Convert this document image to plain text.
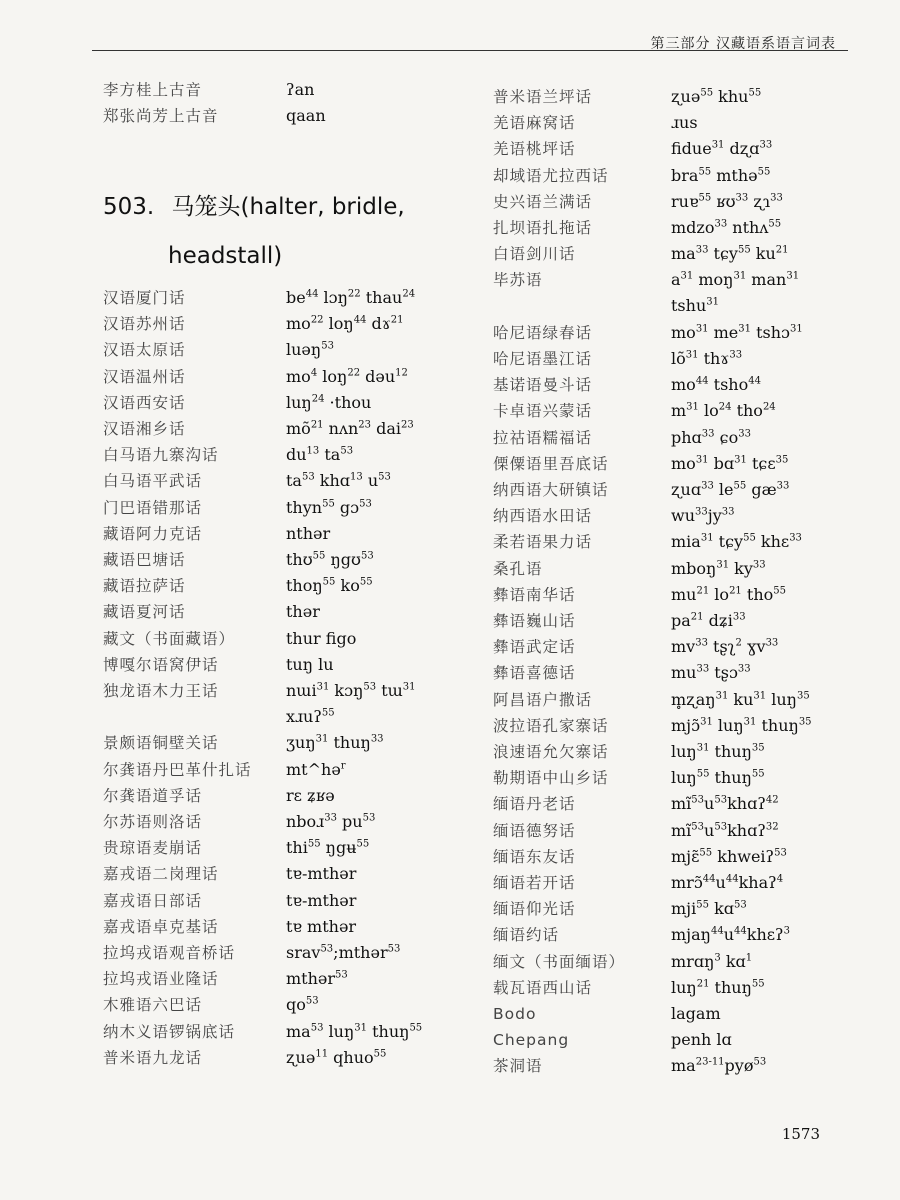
第三部分 汉藏语系语言词表
李方桂上古音	ʔan
郑张尚芳上古音	qaan
汉语厦门话	$be^{44}$ lɔŋ$^{22}$ thau$^{24}$
汉语苏州话	$mo^{22}$ loŋ$^{44}$ dɤ$^{21}$
汉语太原话	luəŋ$^{53}$
汉语温州话	$mo^4$ loŋ$^{22}$ dəu$^{12}$
汉语西安话	luŋ$^{24}$ ·thou
汉语湘乡话	$mõ^{21}$ nʌn$^{23}$ dai$^{23}$
白马语九寨沟话	$du^{13}$ $ta^{53}$
白马语平武话	$ta^{53}$ khɑ$^{13}$ $u^{53}$
门巴语错那话	thyn$^{55}$ gɔ$^{53}$
藏语阿力克话	nthər
藏语巴塘话	thʊ$^{55}$ ŋgʊ$^{53}$
藏语拉萨话	thoŋ$^{55}$ $ko^{55}$
藏语夏河话	thər
藏文（书面藏语）	thur figo
博嘎尔语窝伊话	tuŋ lu
独龙语木力王话	nɯi$^{31}$ kɔŋ$^{53}$ tɯ$^{31}$
xɹuʔ$^{55}$
景颇语铜壁关话	ʒuŋ$^{31}$ thuŋ$^{33}$
尔龚语丹巴革什扎话 mt^hə$^r$
尔龚语道孚话	rɛ ʑʁə
尔苏语则洛话	nboɹ$^{33}$ $pu^{53}$
贵琼语麦崩话	thi$^{55}$ ŋgʉ$^{55}$
嘉戎语二岗理话	tɐ-mthər
嘉戎语日部话	tɐ-mthər
嘉戎语卓克基话	tɐ mthər
拉坞戎语观音桥话	srav$^{53}$;mthər$^{53}$
拉坞戎语业隆话	mthər$^{53}$
木雅语六巴话	$qo^{53}$
纳木义语锣锅底话	$ma^{53}$ luŋ$^{31}$ thuŋ$^{55}$
普米语九龙话	ʐuə$^{11}$ qhuo$^{55}$
普米语兰坪话	ʐuə$^{55}$ khu$^{55}$
羌语麻窝话	ɹus
羌语桃坪话	fidue$^{31}$ dʐɑ$^{33}$
却域语尤拉西话	bra$^{55}$ mthə$^{55}$
史兴语兰满话	ruɐ$^{55}$ ʁʊ$^{33}$ ʐɿ$^{33}$
扎坝语扎拖话	mdzo$^{33}$ nthʌ$^{55}$
白语剑川话	$ma^{33}$ tɕy$^{55}$ $ku^{21}$
毕苏语	$a^{31}$ moŋ$^{31}$ man$^{31}$
tshu$^{31}$
哈尼语绿春话	$mo^{31}$ $me^{31}$ tshɔ$^{31}$
哈尼语墨江话	$lõ^{31}$ thɤ$^{33}$
基诺语曼斗话	$mo^{44}$ tsho$^{44}$
卡卓语兴蒙话	$m^{31}$ $lo^{24}$ tho$^{24}$
拉祜语糯福话	phɑ$^{33}$ ɕo$^{33}$
傈僳语里吾底话	$mo^{31}$ bɑ$^{31}$ tɕɛ$^{35}$
纳西语大研镇话	ʐuɑ$^{33}$ $le^{55}$ $gæ^{33}$
纳西语水田话	$wu^{33}jy^{33}$
柔若语果力话	mia$^{31}$ tɕy$^{55}$ khɛ$^{33}$
桑孔语	mboŋ$^{31}$ $ky^{33}$
彝语南华话	$mu^{21}$ $lo^{21}$ tho$^{55}$
彝语巍山话	$pa^{21}$ dʑi$^{33}$
彝语武定话	$mv^{33}$ tʂʅ$^2$ ɣv$^{33}$
彝语喜德话	$mu^{33}$ tʂɔ$^{33}$
阿昌语户撒话	m̥ʐaŋ$^{31}$ $ku^{31}$ luŋ$^{35}$
波拉语孔家寨话	mjɔ̃$^{31}$ luŋ$^{31}$ thuŋ$^{35}$
浪速语允欠寨话	luŋ$^{31}$ thuŋ$^{35}$
勒期语中山乡话	luŋ$^{55}$ thuŋ$^{55}$
缅语丹老话	$mĩ^{53}u^{53}khɑʔ^{42}$
缅语德努话	$mĩ^{53}u^{53}khɑʔ^{32}$
缅语东友话	mjɛ̃$^{55}$ khweiʔ$^{53}$
缅语若开话	$mrɔ̃^{44}u^{44}khaʔ^4$
缅语仰光话	mji$^{55}$ kɑ$^{53}$
缅语约话	$mjaŋ^{44}u^{44}khɛʔ^3$
缅文（书面缅语）	mrɑŋ$^3$ kɑ$^1$
载瓦语西山话	luŋ$^{21}$ thuŋ$^{55}$
Bodo	lagam
Chepang	penh lɑ
茶洞语	$ma^{23-11}pyø^{53}$
503. 马笼头(halter, bridle,
headstall)
1573
